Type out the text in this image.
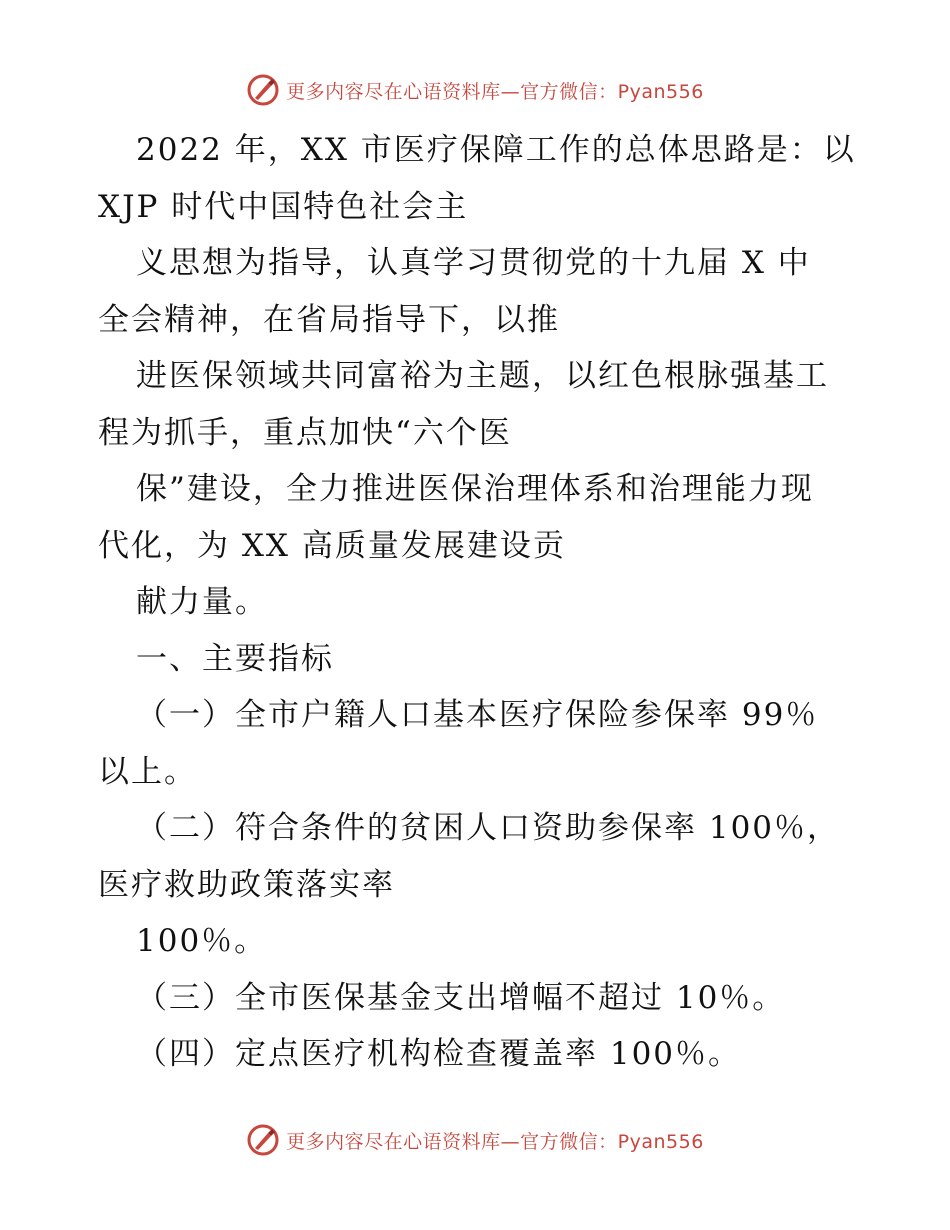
更多内容尽在心语资料库—官方微信：Pyan556
2022 年，XX 市医疗保障工作的总体思路是：以
XJP 时代中国特色社会主
义思想为指导，认真学习贯彻党的十九届 X 中
全会精神，在省局指导下，以推
进医保领域共同富裕为主题，以红色根脉强基工
程为抓手，重点加快“六个医
保”建设，全力推进医保治理体系和治理能力现
代化，为 XX 高质量发展建设贡
献力量。
一、主要指标
（一）全市户籍人口基本医疗保险参保率 99％
以上。
（二）符合条件的贫困人口资助参保率 100％，
医疗救助政策落实率
100％。
（三）全市医保基金支出增幅不超过 10％。
（四）定点医疗机构检查覆盖率 100％。
更多内容尽在心语资料库—官方微信：Pyan556
